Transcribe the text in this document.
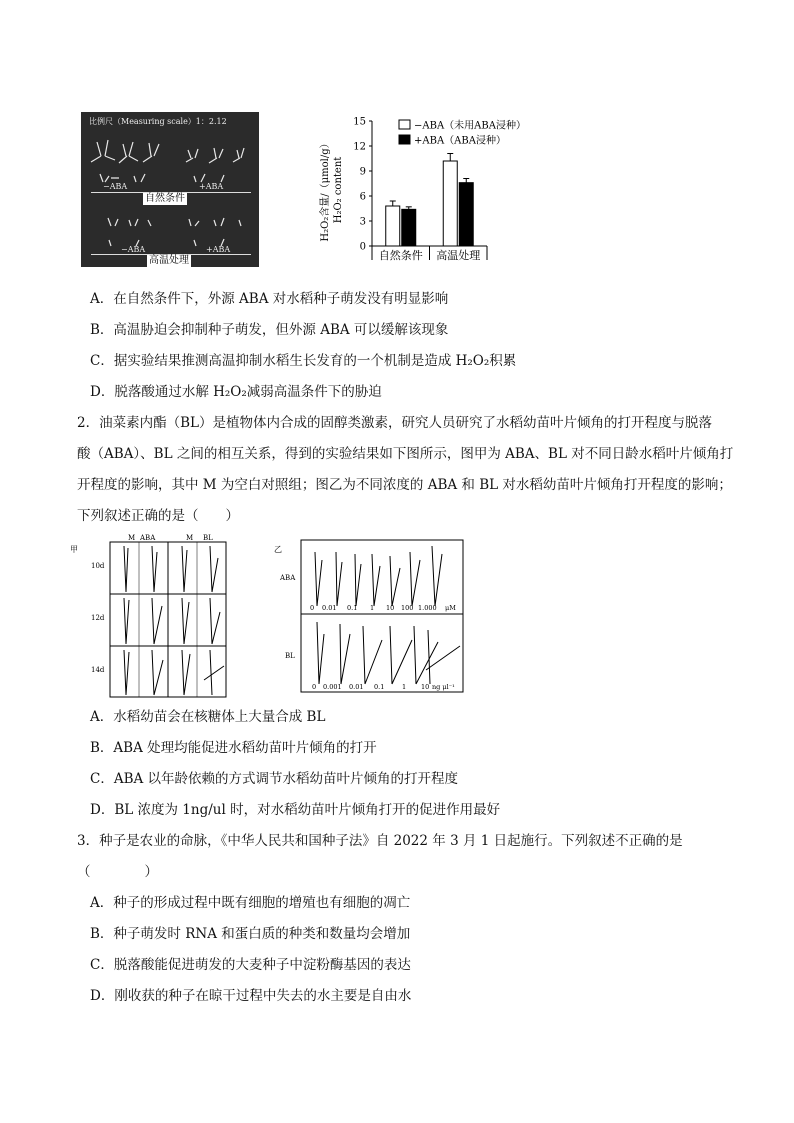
比例尺（Measuring scale）1：2.12
−ABA	+ABA
自然条件
−ABA	+ABA
高温处理
H₂O₂含量/（μmol/g） H₂O₂ content
0
3
6
9
12
15
自然条件 高温处理
−ABA（未用ABA浸种）
+ABA（ABA浸种）
A．在自然条件下，外源 ABA 对水稻种子萌发没有明显影响
B．高温胁迫会抑制种子萌发，但外源 ABA 可以缓解该现象
C．据实验结果推测高温抑制水稻生长发育的一个机制是造成 H₂O₂积累
D．脱落酸通过水解 H₂O₂减弱高温条件下的胁迫
2．油菜素内酯（BL）是植物体内合成的固醇类激素，研究人员研究了水稻幼苗叶片倾角的打开程度与脱落
酸（ABA）、BL 之间的相互关系，得到的实验结果如下图所示，图甲为 ABA、BL 对不同日龄水稻叶片倾角打
开程度的影响，其中 M 为空白对照组；图乙为不同浓度的 ABA 和 BL 对水稻幼苗叶片倾角打开程度的影响；
下列叙述正确的是（　　）
甲
M ABA	M BL
10d
12d
14d
乙
ABA
BL
0 0.01 0.1 1 10 100 1.000 μM
0 0.001 0.01 0.1	1 10 ng μl⁻¹
A．水稻幼苗会在核糖体上大量合成 BL
B．ABA 处理均能促进水稻幼苗叶片倾角的打开
C．ABA 以年龄依赖的方式调节水稻幼苗叶片倾角的打开程度
D．BL 浓度为 1ng/ul 时，对水稻幼苗叶片倾角打开的促进作用最好
3．种子是农业的命脉，《中华人民共和国种子法》自 2022 年 3 月 1 日起施行。下列叙述不正确的是
（　　　　）
A．种子的形成过程中既有细胞的增殖也有细胞的凋亡
B．种子萌发时 RNA 和蛋白质的种类和数量均会增加
C．脱落酸能促进萌发的大麦种子中淀粉酶基因的表达
D．刚收获的种子在晾干过程中失去的水主要是自由水
